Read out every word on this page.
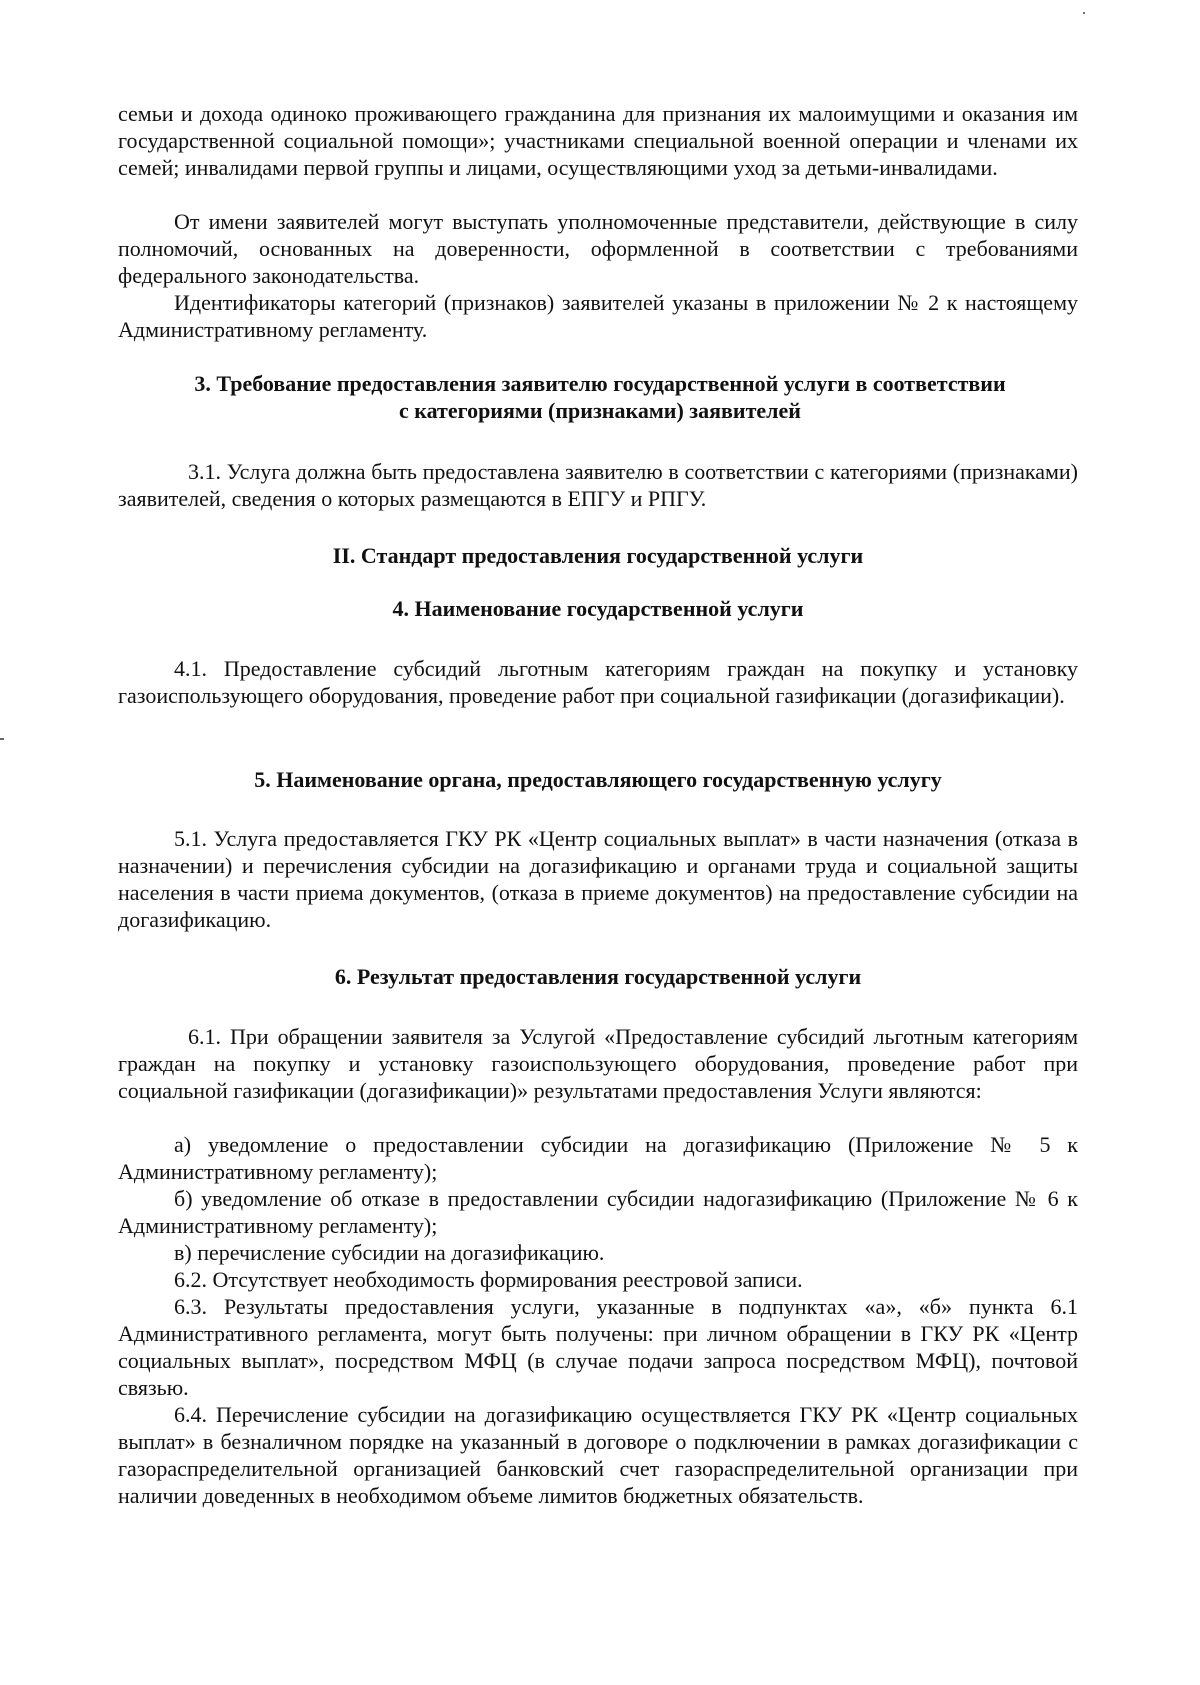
семьи и дохода одиноко проживающего гражданина для признания их малоимущими и оказания им государственной социальной помощи»; участниками специальной военной операции и членами их семей; инвалидами первой группы и лицами, осуществляющими уход за детьми-инвалидами.

От имени заявителей могут выступать уполномоченные представители, действующие в силу полномочий, основанных на доверенности, оформленной в соответствии с требованиями федерального законодательства.

Идентификаторы категорий (признаков) заявителей указаны в приложении № 2 к настоящему Административному регламенту.

3. Требование предоставления заявителю государственной услуги в соответствии с категориями (признаками) заявителей

3.1. Услуга должна быть предоставлена заявителю в соответствии с категориями (признаками) заявителей, сведения о которых размещаются в ЕПГУ и РПГУ.

II. Стандарт предоставления государственной услуги
4. Наименование государственной услуги

4.1. Предоставление субсидий льготным категориям граждан на покупку и установку газоиспользующего оборудования, проведение работ при социальной газификации (догазификации).

5. Наименование органа, предоставляющего государственную услугу

5.1. Услуга предоставляется ГКУ РК «Центр социальных выплат» в части назначения (отказа в назначении) и перечисления субсидии на догазификацию и органами труда и социальной защиты населения в части приема документов, (отказа в приеме документов) на предоставление субсидии на догазификацию.

6. Результат предоставления государственной услуги

6.1. При обращении заявителя за Услугой «Предоставление субсидий льготным категориям граждан на покупку и установку газоиспользующего оборудования, проведение работ при социальной газификации (догазификации)» результатами предоставления Услуги являются:

а) уведомление о предоставлении субсидии на догазификацию (Приложение № 5 к Административному регламенту);

б) уведомление об отказе в предоставлении субсидии надогазификацию (Приложение № 6 к Административному регламенту);

в) перечисление субсидии на догазификацию.

6.2. Отсутствует необходимость формирования реестровой записи.

6.3. Результаты предоставления услуги, указанные в подпунктах «а», «б» пункта 6.1 Административного регламента, могут быть получены: при личном обращении в ГКУ РК «Центр социальных выплат», посредством МФЦ (в случае подачи запроса посредством МФЦ), почтовой связью.

6.4. Перечисление субсидии на догазификацию осуществляется ГКУ РК «Центр социальных выплат» в безналичном порядке на указанный в договоре о подключении в рамках догазификации с газораспределительной организацией банковский счет газораспределительной организации при наличии доведенных в необходимом объеме лимитов бюджетных обязательств.
